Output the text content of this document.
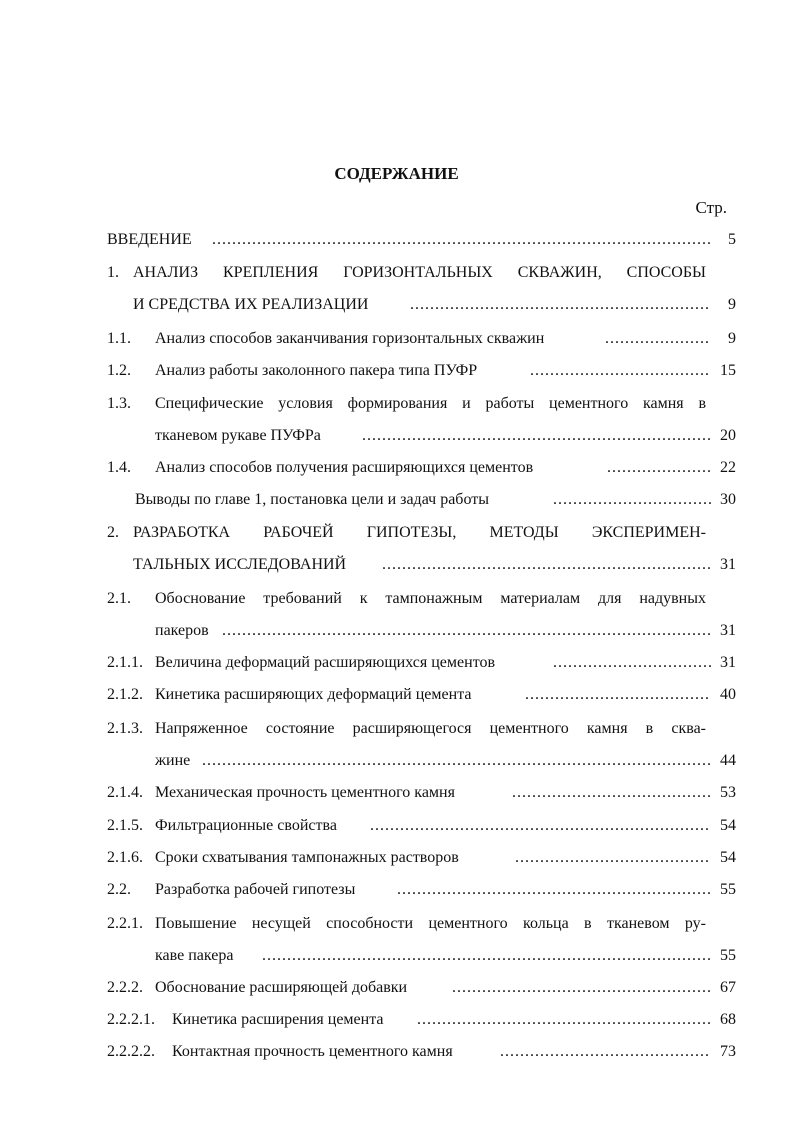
СОДЕРЖАНИЕ
Стр.
ВВЕДЕНИЕ .....	5
1. АНАЛИЗ КРЕПЛЕНИЯ ГОРИЗОНТАЛЬНЫХ СКВАЖИН, СПОСОБЫ
И СРЕДСТВА ИХ РЕАЛИЗАЦИИ .....	9
1.1. Анализ способов заканчивания горизонтальных скважин .....	9
1.2. Анализ работы заколонного пакера типа ПУФР .....	15
1.3. Специфические условия формирования и работы цементного камня в
тканевом рукаве ПУФРа .....	20
1.4. Анализ способов получения расширяющихся цементов .....	22
Выводы по главе 1, постановка цели и задач работы .....	30
2. РАЗРАБОТКА РАБОЧЕЙ ГИПОТЕЗЫ, МЕТОДЫ ЭКСПЕРИМЕН-
ТАЛЬНЫХ ИССЛЕДОВАНИЙ .....	31
2.1. Обоснование требований к тампонажным материалам для надувных
пакеров .....	31
2.1.1. Величина деформаций расширяющихся цементов .....	31
2.1.2. Кинетика расширяющих деформаций цемента .....	40
2.1.3. Напряженное состояние расширяющегося цементного камня в сква-
жине .....	44
2.1.4. Механическая прочность цементного камня .....	53
2.1.5. Фильтрационные свойства .....	54
2.1.6. Сроки схватывания тампонажных растворов .....	54
2.2. Разработка рабочей гипотезы .....	55
2.2.1. Повышение несущей способности цементного кольца в тканевом ру-
каве пакера .....	55
2.2.2. Обоснование расширяющей добавки .....	67
2.2.2.1. Кинетика расширения цемента .....	68
2.2.2.2. Контактная прочность цементного камня .....	73
